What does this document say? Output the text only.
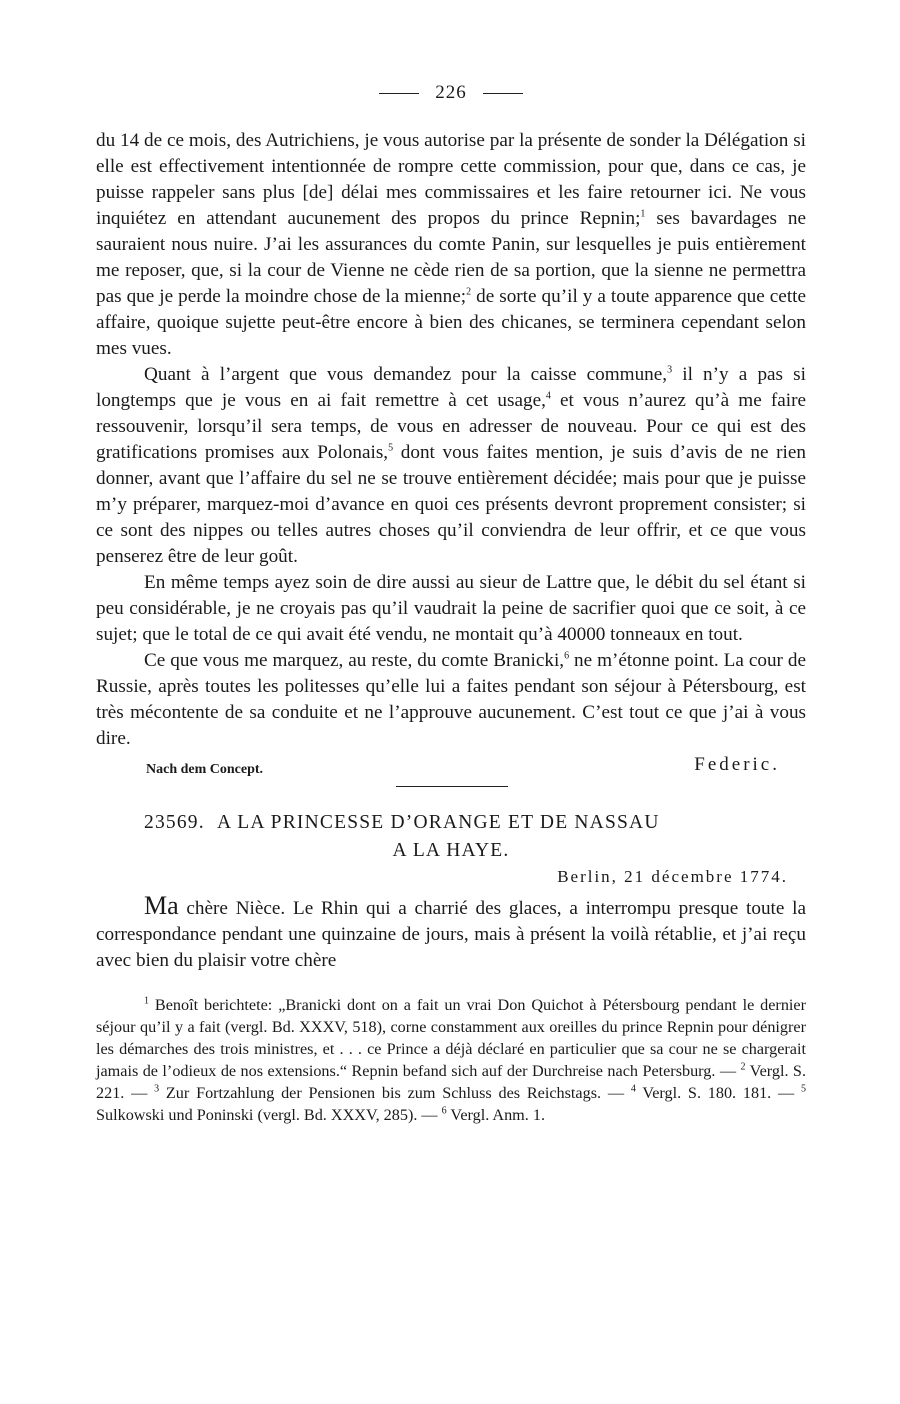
226

du 14 de ce mois, des Autrichiens, je vous autorise par la présente de sonder la Délégation si elle est effectivement intentionnée de rompre cette commission, pour que, dans ce cas, je puisse rappeler sans plus [de] délai mes commissaires et les faire retourner ici. Ne vous inquiétez en attendant aucunement des propos du prince Repnin;$^1$ ses bavardages ne sauraient nous nuire. J’ai les assurances du comte Panin, sur lesquelles je puis entièrement me reposer, que, si la cour de Vienne ne cède rien de sa portion, que la sienne ne permettra pas que je perde la moindre chose de la mienne;$^2$ de sorte qu’il y a toute apparence que cette affaire, quoique sujette peut-être encore à bien des chicanes, se terminera cependant selon mes vues.

Quant à l’argent que vous demandez pour la caisse commune,$^3$ il n’y a pas si longtemps que je vous en ai fait remettre à cet usage,$^4$ et vous n’aurez qu’à me faire ressouvenir, lorsqu’il sera temps, de vous en adresser de nouveau. Pour ce qui est des gratifications promises aux Polonais,$^5$ dont vous faites mention, je suis d’avis de ne rien donner, avant que l’affaire du sel ne se trouve entièrement décidée; mais pour que je puisse m’y préparer, marquez-moi d’avance en quoi ces présents devront proprement consister; si ce sont des nippes ou telles autres choses qu’il conviendra de leur offrir, et ce que vous penserez être de leur goût.

En même temps ayez soin de dire aussi au sieur de Lattre que, le débit du sel étant si peu considérable, je ne croyais pas qu’il vaudrait la peine de sacrifier quoi que ce soit, à ce sujet; que le total de ce qui avait été vendu, ne montait qu’à 40000 tonneaux en tout.

Ce que vous me marquez, au reste, du comte Branicki,$^6$ ne m’étonne point. La cour de Russie, après toutes les politesses qu’elle lui a faites pendant son séjour à Pétersbourg, est très mécontente de sa conduite et ne l’approuve aucunement. C’est tout ce que j’ai à vous dire.

Nach dem Concept.	Federic.
23569. A LA PRINCESSE D’ORANGE ET DE NASSAU
A LA HAYE.
Berlin, 21 décembre 1774.

Ma chère Nièce. Le Rhin qui a charrié des glaces, a interrompu presque toute la correspondance pendant une quinzaine de jours, mais à présent la voilà rétablie, et j’ai reçu avec bien du plaisir votre chère

$^1$ Benoît berichtete: „Branicki dont on a fait un vrai Don Quichot à Pétersbourg pendant le dernier séjour qu’il y a fait (vergl. Bd. XXXV, 518), corne constamment aux oreilles du prince Repnin pour dénigrer les démarches des trois ministres, et . . . ce Prince a déjà déclaré en particulier que sa cour ne se chargerait jamais de l’odieux de nos extensions.“ Repnin befand sich auf der Durchreise nach Petersburg. — $^2$ Vergl. S. 221. — $^3$ Zur Fortzahlung der Pensionen bis zum Schluss des Reichstags. — $^4$ Vergl. S. 180. 181. — $^5$ Sulkowski und Poninski (vergl. Bd. XXXV, 285). — $^6$ Vergl. Anm. 1.
